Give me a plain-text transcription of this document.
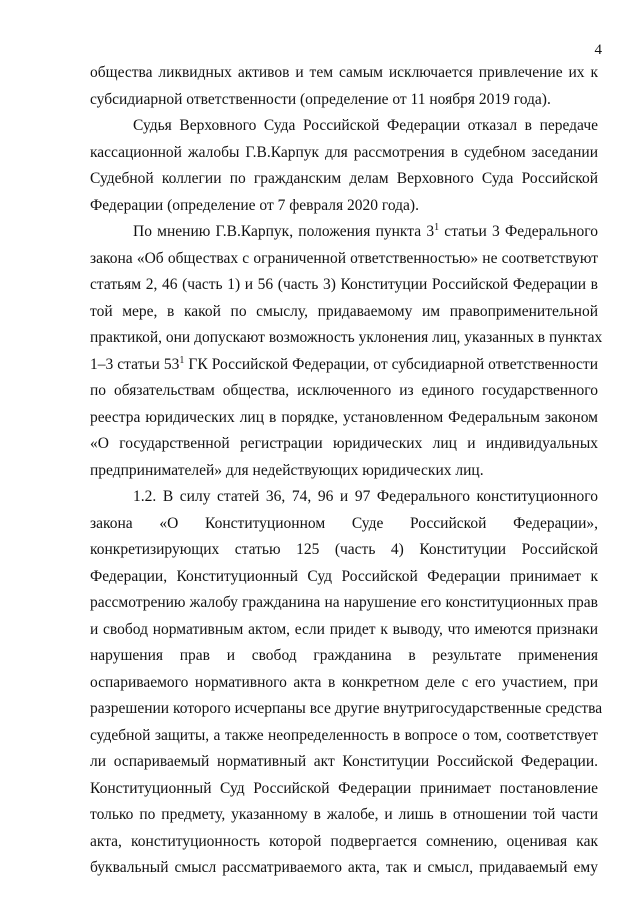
4
общества ликвидных активов и тем самым исключается привлечение их к
субсидиарной ответственности (определение от 11 ноября 2019 года).
Судья Верховного Суда Российской Федерации отказал в передаче
кассационной жалобы Г.В.Карпук для рассмотрения в судебном заседании
Судебной коллегии по гражданским делам Верховного Суда Российской
Федерации (определение от 7 февраля 2020 года).
По мнению Г.В.Карпук, положения пункта $3^1$ статьи 3 Федерального
закона «Об обществах с ограниченной ответственностью» не соответствуют
статьям 2, 46 (часть 1) и 56 (часть 3) Конституции Российской Федерации в
той мере, в какой по смыслу, придаваемому им правоприменительной
практикой, они допускают возможность уклонения лиц, указанных в пунктах
1–3 статьи $53^1$ ГК Российской Федерации, от субсидиарной ответственности
по обязательствам общества, исключенного из единого государственного
реестра юридических лиц в порядке, установленном Федеральным законом
«О государственной регистрации юридических лиц и индивидуальных
предпринимателей» для недействующих юридических лиц.
1.2. В силу статей 36, 74, 96 и 97 Федерального конституционного
закона «О Конституционном Суде Российской Федерации»,
конкретизирующих статью 125 (часть 4) Конституции Российской
Федерации, Конституционный Суд Российской Федерации принимает к
рассмотрению жалобу гражданина на нарушение его конституционных прав
и свобод нормативным актом, если придет к выводу, что имеются признаки
нарушения прав и свобод гражданина в результате применения
оспариваемого нормативного акта в конкретном деле с его участием, при
разрешении которого исчерпаны все другие внутригосударственные средства
судебной защиты, а также неопределенность в вопросе о том, соответствует
ли оспариваемый нормативный акт Конституции Российской Федерации.
Конституционный Суд Российской Федерации принимает постановление
только по предмету, указанному в жалобе, и лишь в отношении той части
акта, конституционность которой подвергается сомнению, оценивая как
буквальный смысл рассматриваемого акта, так и смысл, придаваемый ему
